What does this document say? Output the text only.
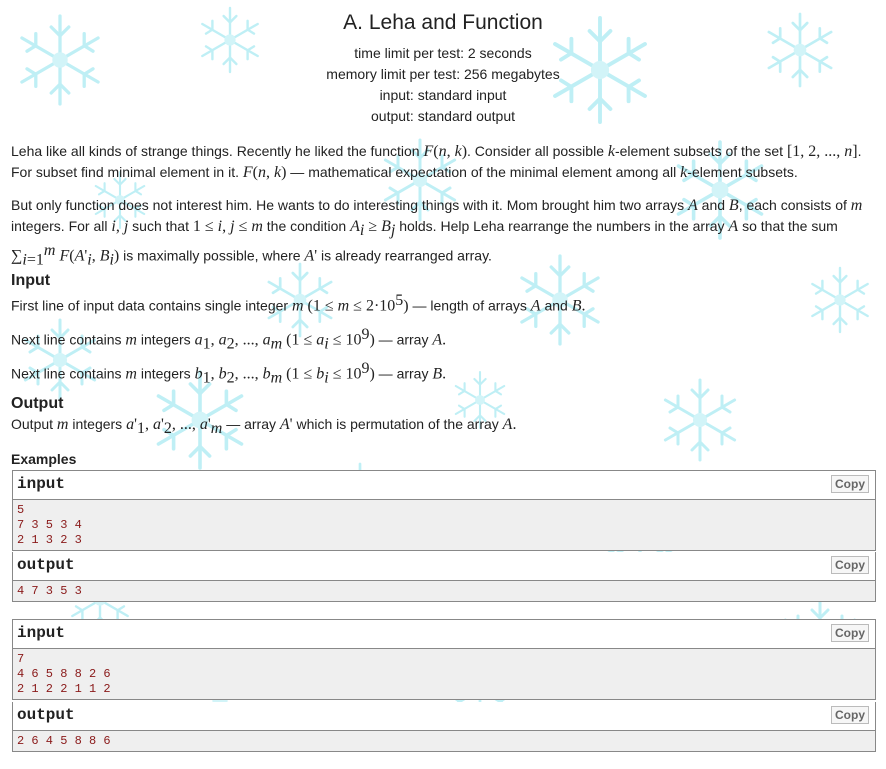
A. Leha and Function
time limit per test: 2 seconds
memory limit per test: 256 megabytes
input: standard input
output: standard output
Leha like all kinds of strange things. Recently he liked the function F(n, k). Consider all possible k-element subsets of the set [1, 2, ..., n]. For subset find minimal element in it. F(n, k) — mathematical expectation of the minimal element among all k-element subsets.
But only function does not interest him. He wants to do interesting things with it. Mom brought him two arrays A and B, each consists of m integers. For all i, j such that 1 ≤ i, j ≤ m the condition $A_i \ge B_j$ holds. Help Leha rearrange the numbers in the array A so that the sum $\sum_{i=1}^m$ $F(A'_i$, $B_i$) is maximally possible, where A' is already rearranged array.
Input
First line of input data contains single integer m $(1 \le m \le 2\cdot 10^5)$ — length of arrays A and B.
Next line contains m integers $a_1$, $a_2$, ..., $a_m$ $(1 \le a_i \le 10^9)$ — array A.
Next line contains m integers $b_1$, $b_2$, ..., $b_m$ $(1 \le b_i \le 10^9)$ — array B.
Output
Output m integers $a'_1$, $a'_2$, ..., $a'_m$ — array A' which is permutation of the array A.
Examples
input	Copy
5
7 3 5 3 4
2 1 3 2 3
output	Copy
4 7 3 5 3
input	Copy
7
4 6 5 8 8 2 6
2 1 2 2 1 1 2
output	Copy
2 6 4 5 8 8 6
